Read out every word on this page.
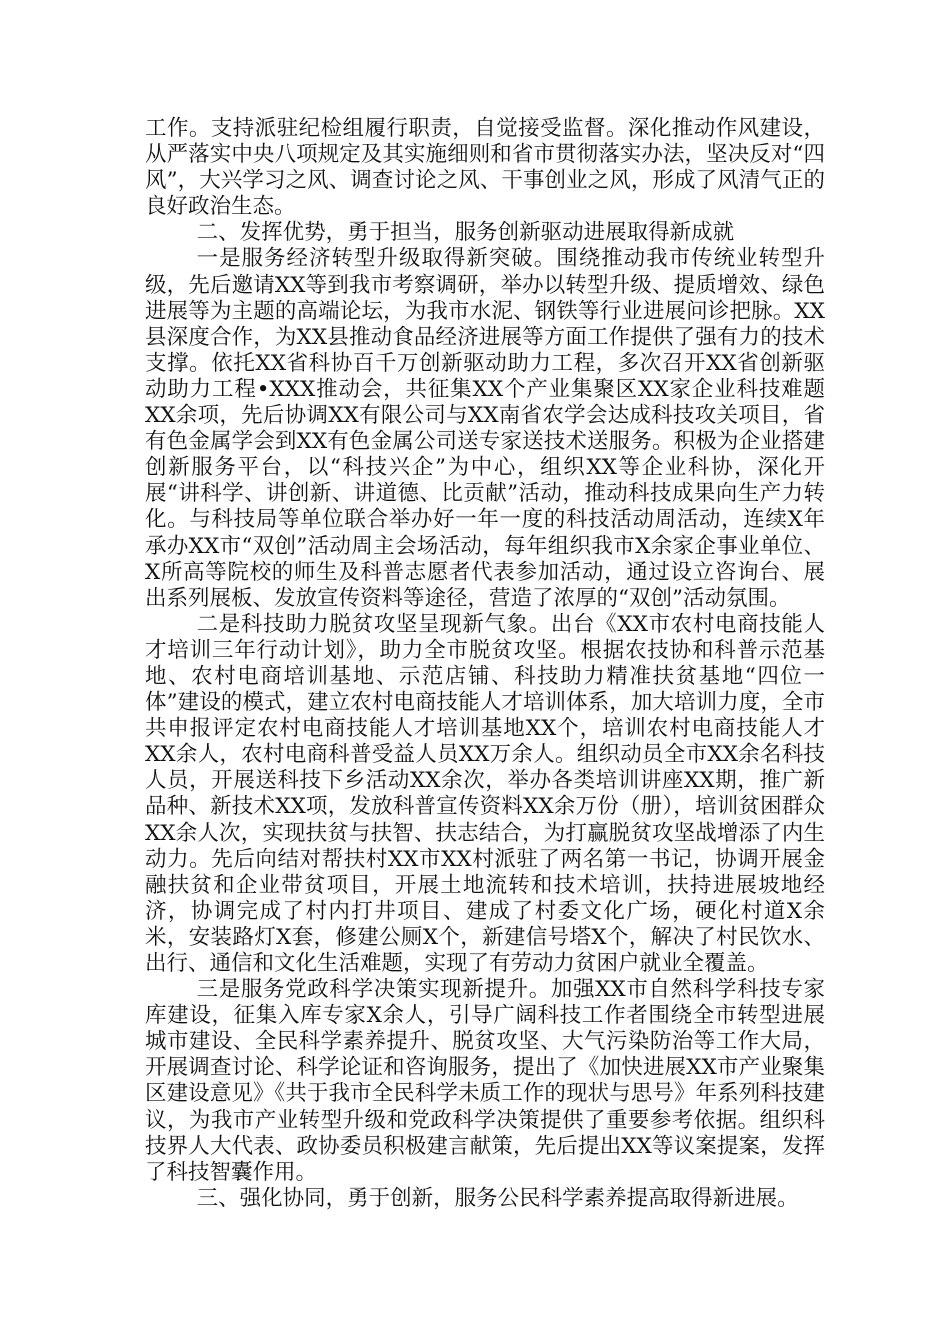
工作。支持派驻纪检组履行职责，自觉接受监督。深化推动作风建设，从严落实中央八项规定及其实施细则和省市贯彻落实办法，坚决反对“四风”，大兴学习之风、调查讨论之风、干事创业之风，形成了风清气正的良好政治生态。

二、发挥优势，勇于担当，服务创新驱动进展取得新成就

一是服务经济转型升级取得新突破。围绕推动我市传统业转型升级，先后邀请XX等到我市考察调研，举办以转型升级、提质增效、绿色进展等为主题的高端论坛，为我市水泥、钢铁等行业进展问诊把脉。XX县深度合作，为XX县推动食品经济进展等方面工作提供了强有力的技术支撑。依托XX省科协百千万创新驱动助力工程，多次召开XX省创新驱动助力工程•XXX推动会，共征集XX个产业集聚区XX家企业科技难题XX余项，先后协调XX有限公司与XX南省农学会达成科技攻关项目，省有色金属学会到XX有色金属公司送专家送技术送服务。积极为企业搭建创新服务平台，以“科技兴企”为中心，组织XX等企业科协，深化开展“讲科学、讲创新、讲道德、比贡献”活动，推动科技成果向生产力转化。与科技局等单位联合举办好一年一度的科技活动周活动，连续X年承办XX市“双创”活动周主会场活动，每年组织我市X余家企事业单位、X所高等院校的师生及科普志愿者代表参加活动，通过设立咨询台、展出系列展板、发放宣传资料等途径，营造了浓厚的“双创”活动氛围。

二是科技助力脱贫攻坚呈现新气象。出台《XX市农村电商技能人才培训三年行动计划》，助力全市脱贫攻坚。根据农技协和科普示范基地、农村电商培训基地、示范店铺、科技助力精准扶贫基地“四位一体”建设的模式，建立农村电商技能人才培训体系，加大培训力度，全市共申报评定农村电商技能人才培训基地XX个，培训农村电商技能人才XX余人，农村电商科普受益人员XX万余人。组织动员全市XX余名科技人员，开展送科技下乡活动XX余次，举办各类培训讲座XX期，推广新品种、新技术XX项，发放科普宣传资料XX余万份（册），培训贫困群众XX余人次，实现扶贫与扶智、扶志结合，为打赢脱贫攻坚战增添了内生动力。先后向结对帮扶村XX市XX村派驻了两名第一书记，协调开展金融扶贫和企业带贫项目，开展土地流转和技术培训，扶持进展坡地经济，协调完成了村内打井项目、建成了村委文化广场，硬化村道X余米，安装路灯X套，修建公厕X个，新建信号塔X个，解决了村民饮水、出行、通信和文化生活难题，实现了有劳动力贫困户就业全覆盖。

三是服务党政科学决策实现新提升。加强XX市自然科学科技专家库建设，征集入库专家X余人，引导广阔科技工作者围绕全市转型进展城市建设、全民科学素养提升、脱贫攻坚、大气污染防治等工作大局，开展调查讨论、科学论证和咨询服务，提出了《加快进展XX市产业聚集区建设意见》《共于我市全民科学未质工作的现状与思号》年系列科技建议，为我市产业转型升级和党政科学决策提供了重要参考依据。组织科技界人大代表、政协委员积极建言献策，先后提出XX等议案提案，发挥了科技智囊作用。

三、强化协同，勇于创新，服务公民科学素养提高取得新进展。
